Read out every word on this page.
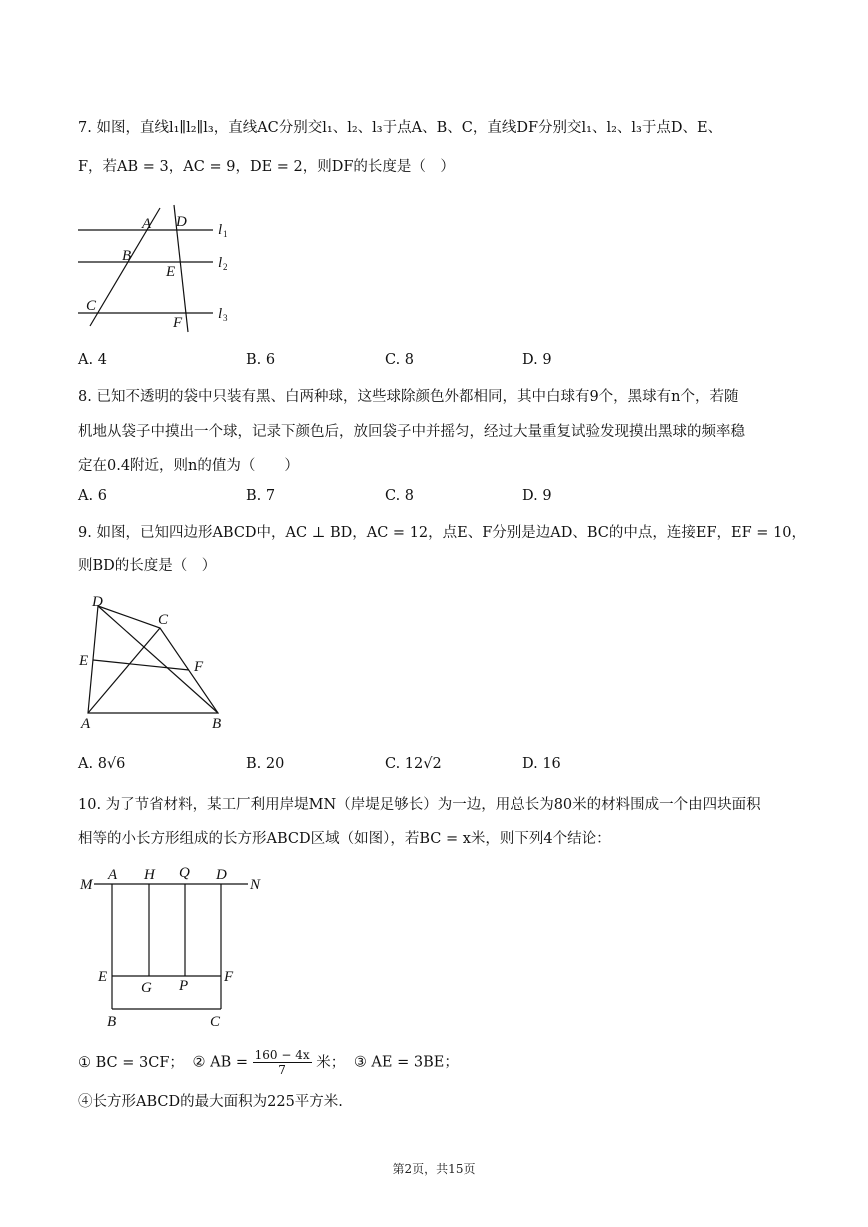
7. 如图，直线l₁∥l₂∥l₃，直线AC分别交l₁、l₂、l₃于点A、B、C，直线DF分别交l₁、l₂、l₃于点D、E、
F，若AB = 3，AC = 9，DE = 2，则DF的长度是（　）
A D
B
E
C
F
l 1
l 2
l 3
A. 4	B. 6	C. 8	D. 9
8. 已知不透明的袋中只装有黑、白两种球，这些球除颜色外都相同，其中白球有9个，黑球有n个，若随
机地从袋子中摸出一个球，记录下颜色后，放回袋子中并摇匀，经过大量重复试验发现摸出黑球的频率稳
定在0.4附近，则n的值为（　　）
A. 6	B. 7	C. 8	D. 9
9. 如图，已知四边形ABCD中，AC ⊥ BD，AC = 12，点E、F分别是边AD、BC的中点，连接EF，EF = 10，
则BD的长度是（　）
D
C
E	F
A	B
A. 8√6	B. 20	C. 12√2	D. 16
10. 为了节省材料，某工厂利用岸堤MN（岸堤足够长）为一边，用总长为80米的材料围成一个由四块面积
相等的小长方形组成的长方形ABCD区域（如图），若BC = x米，则下列4个结论：
M
A H Q D
N
E
G P
F
B	C
① BC = 3CF； ② AB = $\frac{160 - 4x}{7}$ 米； ③ AE = 3BE；
④长方形ABCD的最大面积为225平方米.
第2页，共15页
